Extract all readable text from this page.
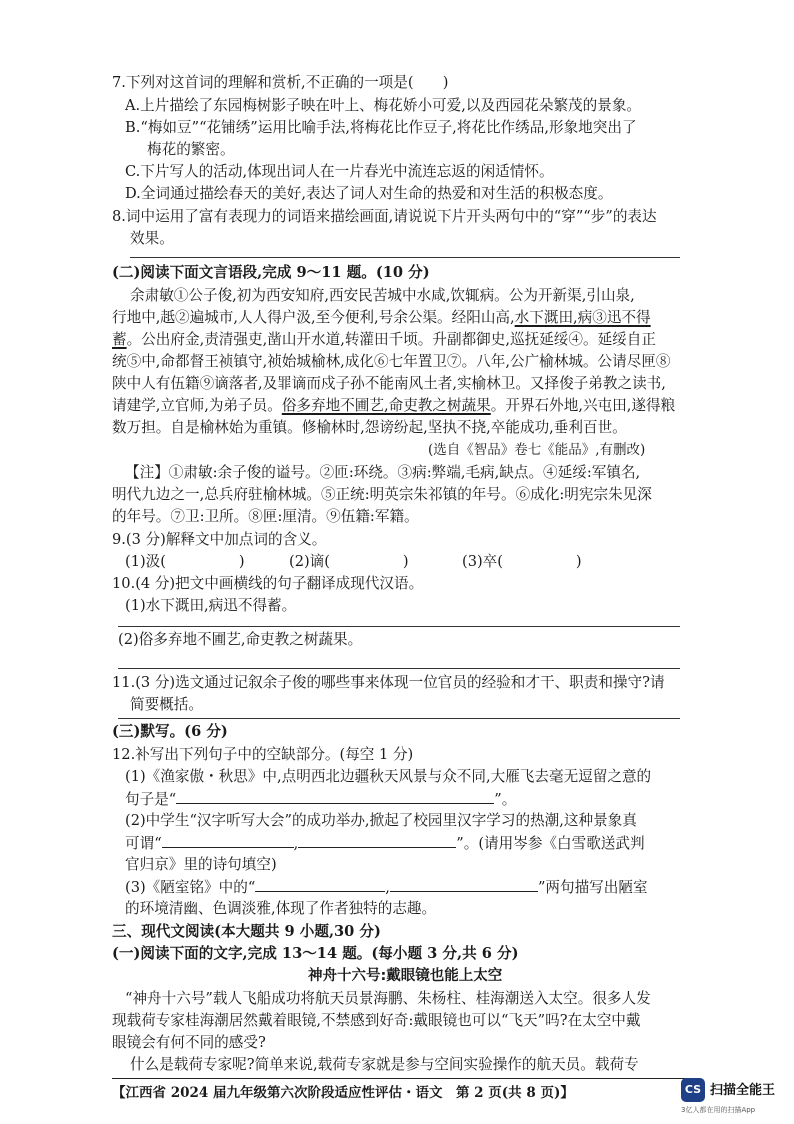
7.下列对这首词的理解和赏析,不正确的一项是(　　)
A.上片描绘了东园梅树影子映在叶上、梅花娇小可爱,以及西园花朵繁茂的景象。
B.“梅如豆”“花铺绣”运用比喻手法,将梅花比作豆子,将花比作绣品,形象地突出了
梅花的繁密。
C.下片写人的活动,体现出词人在一片春光中流连忘返的闲适情怀。
D.全词通过描绘春天的美好,表达了词人对生命的热爱和对生活的积极态度。
8.词中运用了富有表现力的词语来描绘画面,请说说下片开头两句中的“穿”“步”的表达
效果。
(二)阅读下面文言语段,完成 9～11 题。(10 分)
余肃敏①公子俊,初为西安知府,西安民苦城中水咸,饮辄病。公为开新渠,引山泉,
行地中,赿②遍城市,人人得户汲,至今便利,号余公渠。经阳山高,水下溉田,病③迅不得
蓄。公出府金,责清强吏,凿山开水道,转灌田千顷。升副都御史,巡抚延绥④。延绥自正
统⑤中,命都督王祯镇守,祯始城榆林,成化⑥七年置卫⑦。八年,公广榆林城。公请尽匣⑧
陕中人有伍籍⑨谪落者,及罪谪而戍子孙不能南风土者,实榆林卫。又择俊子弟教之读书,
请建学,立官师,为弟子员。俗多弃地不圃艺,命吏教之树蔬果。开界石外地,兴屯田,遂得粮
数万担。自是榆林始为重镇。修榆林时,怨谤纷起,坚执不挠,卒能成功,垂利百世。
(选自《智品》卷七《能品》,有删改)
【注】①肃敏:余子俊的谥号。②匝:环绕。③病:弊端,毛病,缺点。④延绥:军镇名,
明代九边之一,总兵府驻榆林城。⑤正统:明英宗朱祁镇的年号。⑥成化:明宪宗朱见深
的年号。⑦卫:卫所。⑧匣:厘清。⑨伍籍:军籍。
9.(3 分)解释文中加点词的含义。
(1)汲(　　　　　)	(2)谪(　　　　　)	(3)卒(　　　　　)
10.(4 分)把文中画横线的句子翻译成现代汉语。
(1)水下溉田,病迅不得蓄。
(2)俗多弃地不圃艺,命吏教之树蔬果。
11.(3 分)选文通过记叙余子俊的哪些事来体现一位官员的经验和才干、职责和操守?请
简要概括。
(三)默写。(6 分)
12.补写出下列句子中的空缺部分。(每空 1 分)
(1)《渔家傲・秋思》中,点明西北边疆秋天风景与众不同,大雁飞去毫无逗留之意的
句子是“	”。
(2)中学生“汉字听写大会”的成功举办,掀起了校园里汉字学习的热潮,这种景象真
可谓“	,	”。(请用岑参《白雪歌送武判
官归京》里的诗句填空)
(3)《陋室铭》中的“	,	”两句描写出陋室
的环境清幽、色调淡雅,体现了作者独特的志趣。
三、现代文阅读(本大题共 9 小题,30 分)
(一)阅读下面的文字,完成 13～14 题。(每小题 3 分,共 6 分)
神舟十六号:戴眼镜也能上太空
“神舟十六号”载人飞船成功将航天员景海鹏、朱杨柱、桂海潮送入太空。很多人发
现载荷专家桂海潮居然戴着眼镜,不禁感到好奇:戴眼镜也可以“飞天”吗?在太空中戴
眼镜会有何不同的感受?
什么是载荷专家呢?简单来说,载荷专家就是参与空间实验操作的航天员。载荷专
【江西省 2024 届九年级第六次阶段适应性评估・语文　第 2 页(共 8 页)】	CS 扫描全能王
3亿人都在用的扫描App
